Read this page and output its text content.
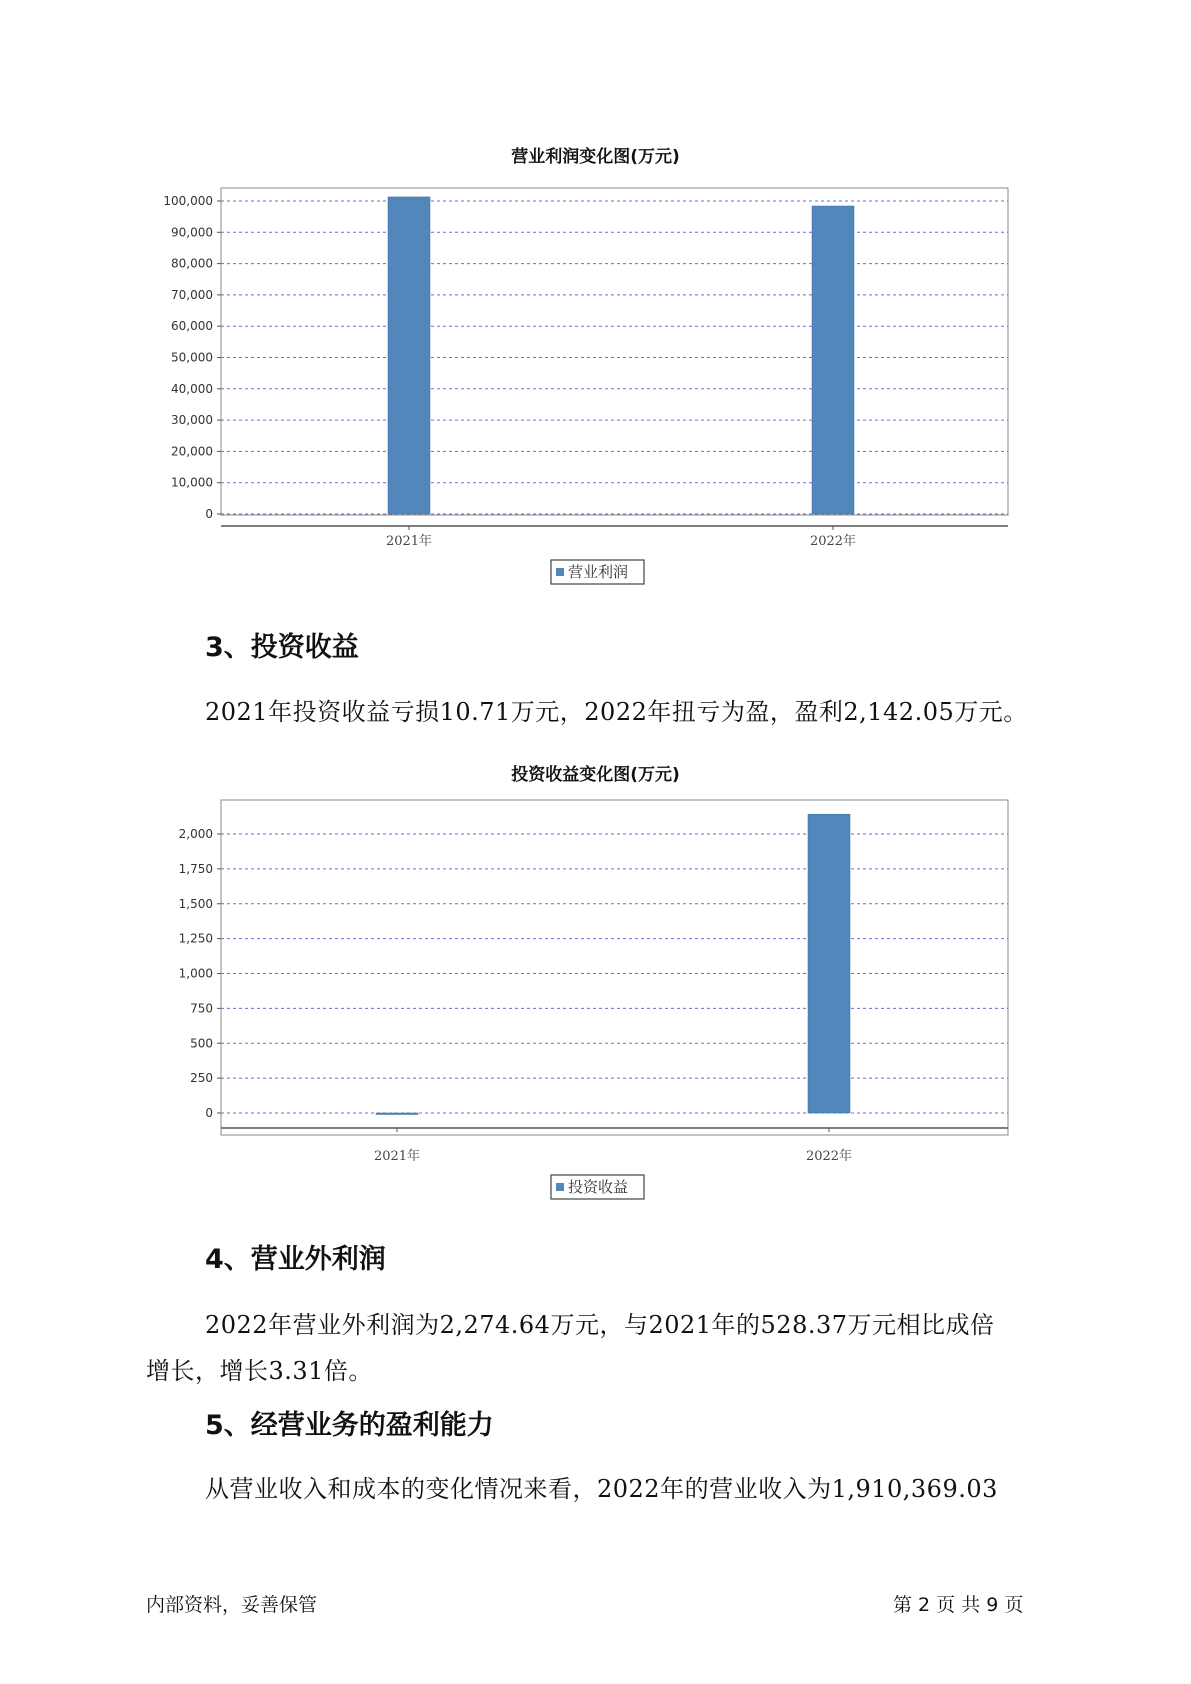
营业利润变化图(万元)
0
10,000
20,000
30,000
40,000
50,000
60,000
70,000
80,000
90,000
100,000
2021年	2022年
营业利润
3、投资收益
2021年投资收益亏损10.71万元，2022年扭亏为盈，盈利2,142.05万元。
投资收益变化图(万元)
0
250
500
750
1,000
1,250
1,500
1,750
2,000
2021年	2022年
投资收益
4、营业外利润
2022年营业外利润为2,274.64万元，与2021年的528.37万元相比成倍
增长，增长3.31倍。
5、经营业务的盈利能力
从营业收入和成本的变化情况来看，2022年的营业收入为1,910,369.03
内部资料，妥善保管	第 2 页 共 9 页
